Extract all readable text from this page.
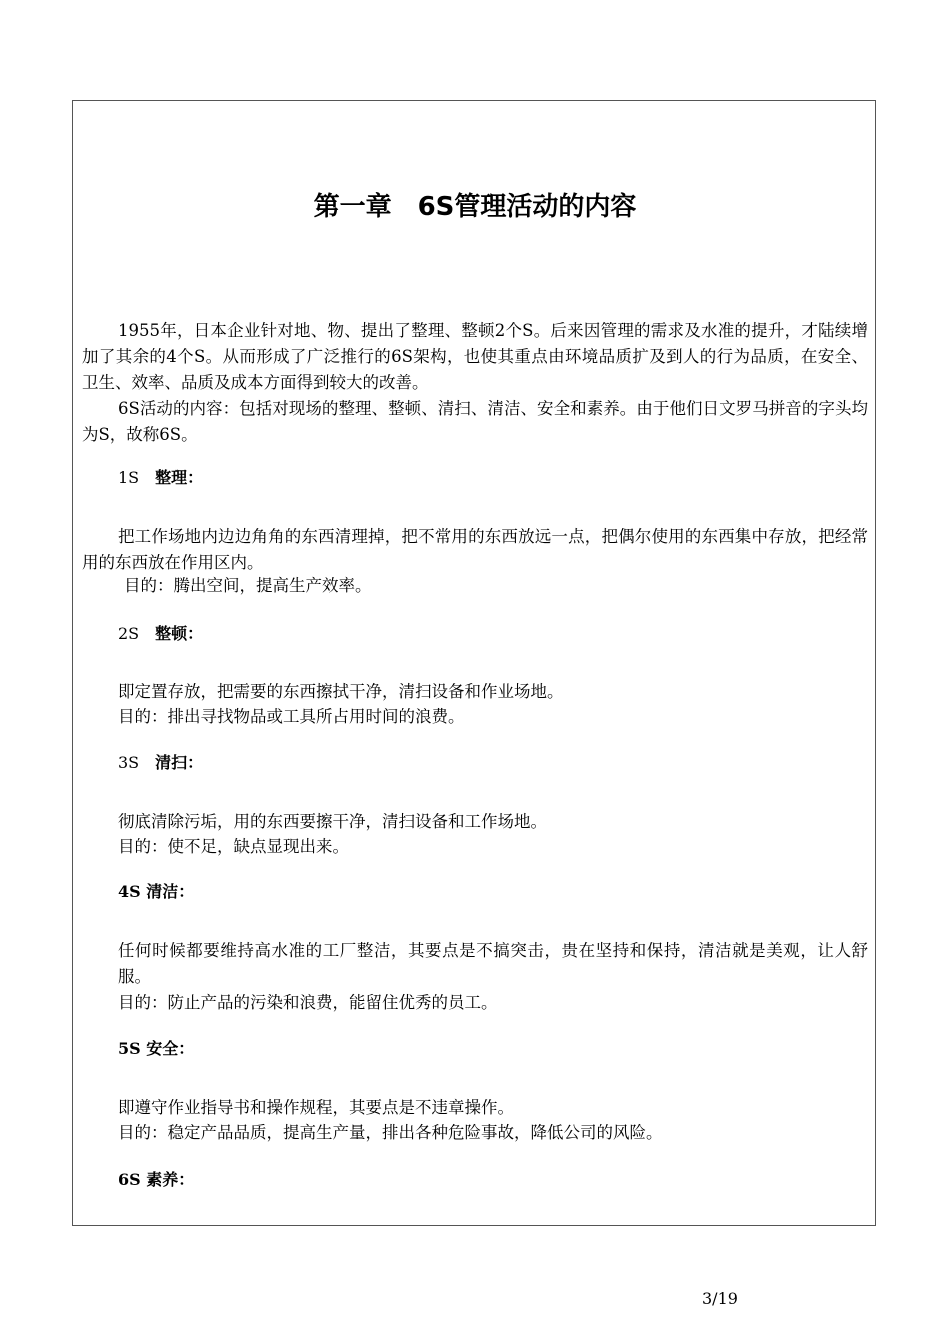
第一章　6S管理活动的内容
1955年，日本企业针对地、物、提出了整理、整顿2个S。后来因管理的需求及水准的提升，才陆续增加了其余的4个S。从而形成了广泛推行的6S架构，也使其重点由环境品质扩及到人的行为品质，在安全、卫生、效率、品质及成本方面得到较大的改善。
6S活动的内容：包括对现场的整理、整顿、清扫、清洁、安全和素养。由于他们日文罗马拼音的字头均为S，故称6S。
1S　 整理：
把工作场地内边边角角的东西清理掉，把不常用的东西放远一点，把偶尔使用的东西集中存放，把经常用的东西放在作用区内。
目的：腾出空间，提高生产效率。
2S　 整顿：
即定置存放，把需要的东西擦拭干净，清扫设备和作业场地。
目的：排出寻找物品或工具所占用时间的浪费。
3S　 清扫：
彻底清除污垢，用的东西要擦干净，清扫设备和工作场地。
目的：使不足，缺点显现出来。
4S 清洁：
任何时候都要维持高水准的工厂整洁，其要点是不搞突击，贵在坚持和保持，清洁就是美观，让人舒服。
目的：防止产品的污染和浪费，能留住优秀的员工。
5S 安全：
即遵守作业指导书和操作规程，其要点是不违章操作。
目的：稳定产品品质，提高生产量，排出各种危险事故，降低公司的风险。
6S 素养：
3/19
